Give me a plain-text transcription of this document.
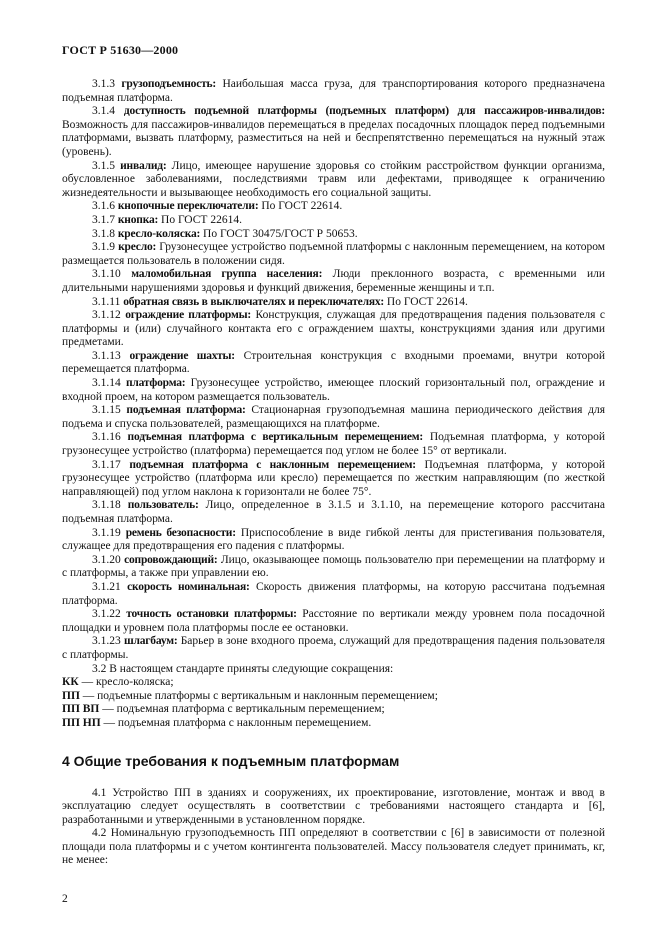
ГОСТ Р 51630—2000

3.1.3 грузоподъемность: Наибольшая масса груза, для транспортирования которого предназначена подъемная платформа.

3.1.4 доступность подъемной платформы (подъемных платформ) для пассажиров-инвалидов: Возможность для пассажиров-инвалидов перемещаться в пределах посадочных площадок перед подъемными платформами, вызвать платформу, разместиться на ней и беспрепятственно перемещаться на нужный этаж (уровень).

3.1.5 инвалид: Лицо, имеющее нарушение здоровья со стойким расстройством функции организма, обусловленное заболеваниями, последствиями травм или дефектами, приводящее к ограничению жизнедеятельности и вызывающее необходимость его социальной защиты.

3.1.6 кнопочные переключатели: По ГОСТ 22614.

3.1.7 кнопка: По ГОСТ 22614.

3.1.8 кресло-коляска: По ГОСТ 30475/ГОСТ Р 50653.

3.1.9 кресло: Грузонесущее устройство подъемной платформы с наклонным перемещением, на котором размещается пользователь в положении сидя.

3.1.10 маломобильная группа населения: Люди преклонного возраста, с временными или длительными нарушениями здоровья и функций движения, беременные женщины и т.п.

3.1.11 обратная связь в выключателях и переключателях: По ГОСТ 22614.

3.1.12 ограждение платформы: Конструкция, служащая для предотвращения падения пользователя с платформы и (или) случайного контакта его с ограждением шахты, конструкциями здания или другими предметами.

3.1.13 ограждение шахты: Строительная конструкция с входными проемами, внутри которой перемещается платформа.

3.1.14 платформа: Грузонесущее устройство, имеющее плоский горизонтальный пол, ограждение и входной проем, на котором размещается пользователь.

3.1.15 подъемная платформа: Стационарная грузоподъемная машина периодического действия для подъема и спуска пользователей, размещающихся на платформе.

3.1.16 подъемная платформа с вертикальным перемещением: Подъемная платформа, у которой грузонесущее устройство (платформа) перемещается под углом не более 15° от вертикали.

3.1.17 подъемная платформа с наклонным перемещением: Подъемная платформа, у которой грузонесущее устройство (платформа или кресло) перемещается по жестким направляющим (по жесткой направляющей) под углом наклона к горизонтали не более 75°.

3.1.18 пользователь: Лицо, определенное в 3.1.5 и 3.1.10, на перемещение которого рассчитана подъемная платформа.

3.1.19 ремень безопасности: Приспособление в виде гибкой ленты для пристегивания пользователя, служащее для предотвращения его падения с платформы.

3.1.20 сопровождающий: Лицо, оказывающее помощь пользователю при перемещении на платформу и с платформы, а также при управлении ею.

3.1.21 скорость номинальная: Скорость движения платформы, на которую рассчитана подъемная платформа.

3.1.22 точность остановки платформы: Расстояние по вертикали между уровнем пола посадочной площадки и уровнем пола платформы после ее остановки.

3.1.23 шлагбаум: Барьер в зоне входного проема, служащий для предотвращения падения пользователя с платформы.

3.2 В настоящем стандарте приняты следующие сокращения:

КК — кресло-коляска;

ПП — подъемные платформы с вертикальным и наклонным перемещением;

ПП ВП — подъемная платформа с вертикальным перемещением;

ПП НП — подъемная платформа с наклонным перемещением.

4 Общие требования к подъемным платформам

4.1 Устройство ПП в зданиях и сооружениях, их проектирование, изготовление, монтаж и ввод в эксплуатацию следует осуществлять в соответствии с требованиями настоящего стандарта и [6], разработанными и утвержденными в установленном порядке.

4.2 Номинальную грузоподъемность ПП определяют в соответствии с [6] в зависимости от полезной площади пола платформы и с учетом контингента пользователей. Массу пользователя следует принимать, кг, не менее:

2
